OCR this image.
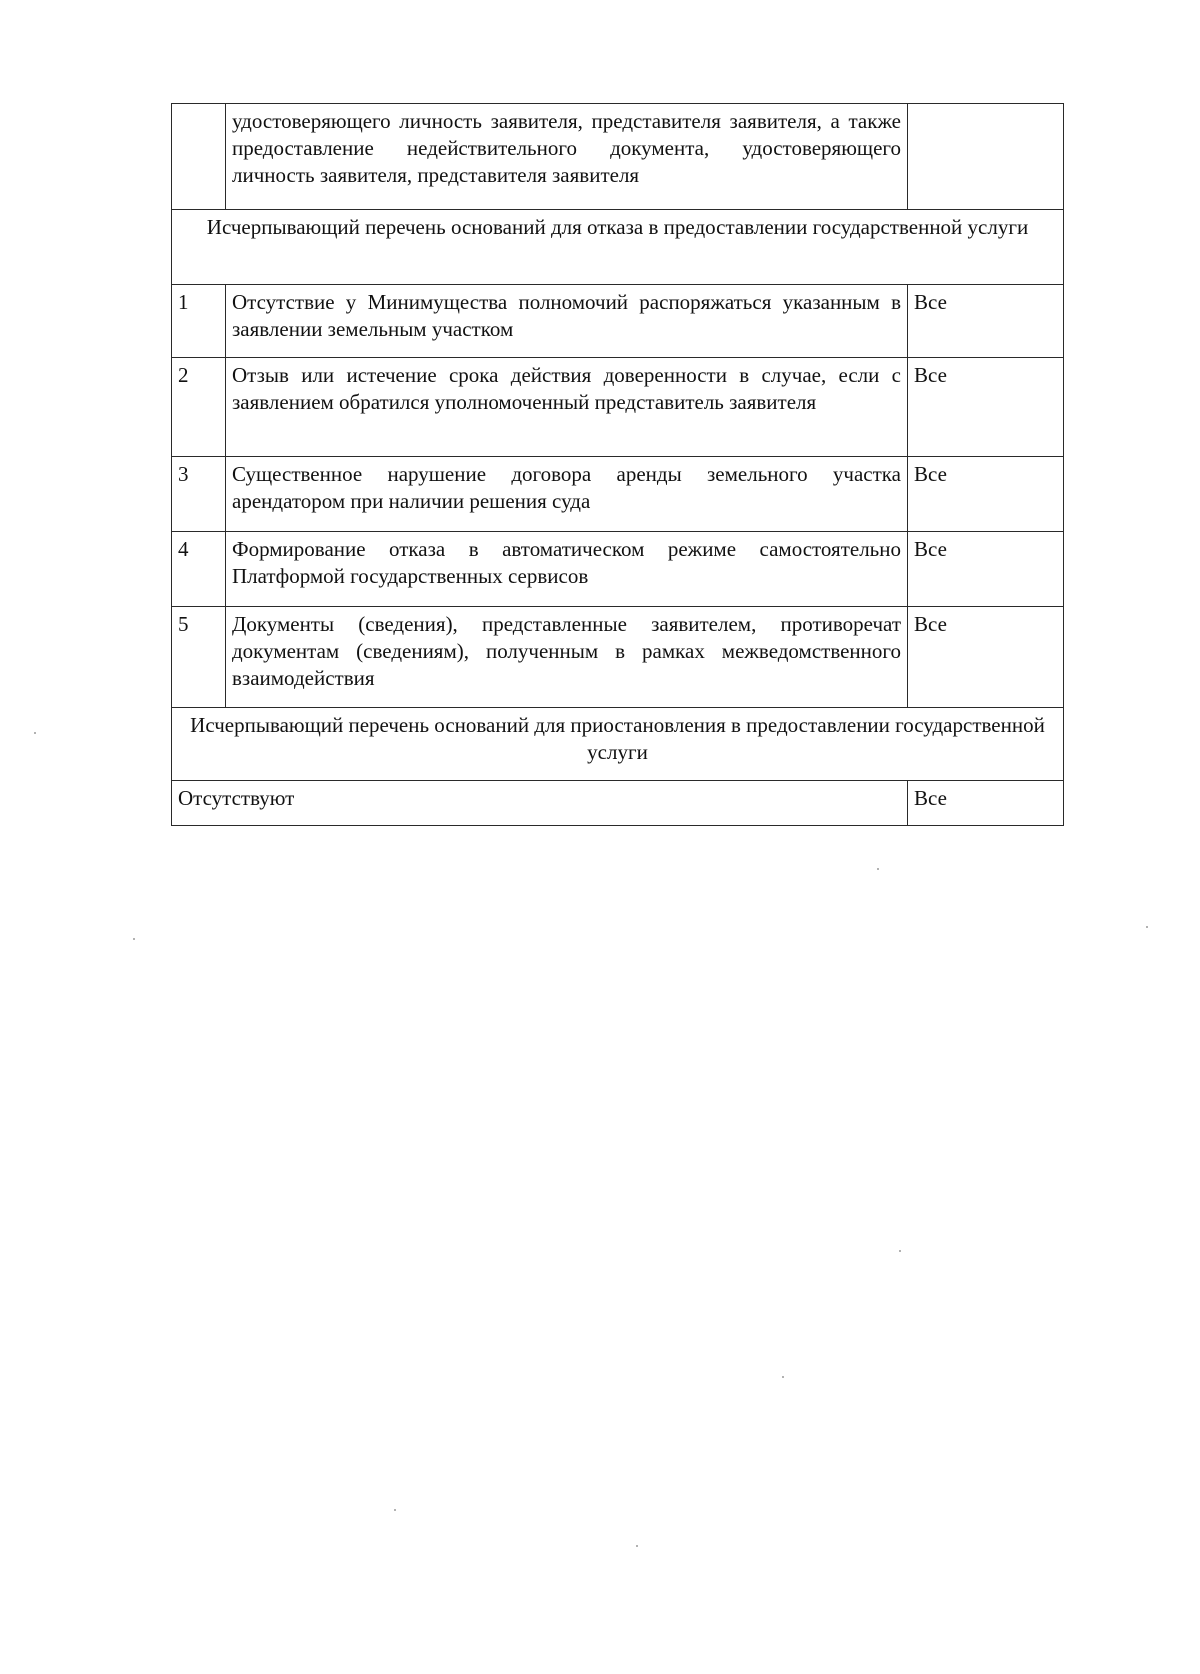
	удостоверяющего личность заявителя, представителя заявителя, а также предоставление недействительного документа, удостоверяющего личность заявителя, представителя заявителя	
Исчерпывающий перечень оснований для отказа в предоставлении государственной услуги		
1	Отсутствие у Минимущества полномочий распоряжаться указанным в заявлении земельным участком	Все
2	Отзыв или истечение срока действия доверенности в случае, если с заявлением обратился уполномоченный представитель заявителя	Все
3	Существенное нарушение договора аренды земельного участка арендатором при наличии решения суда	Все
4	Формирование отказа в автоматическом режиме самостоятельно Платформой государственных сервисов	Все
5	Документы (сведения), представленные заявителем, противоречат документам (сведениям), полученным в рамках межведомственного взаимодействия	Все
Исчерпывающий перечень оснований для приостановления в предоставлении государственной услуги		
Отсутствуют		Все
